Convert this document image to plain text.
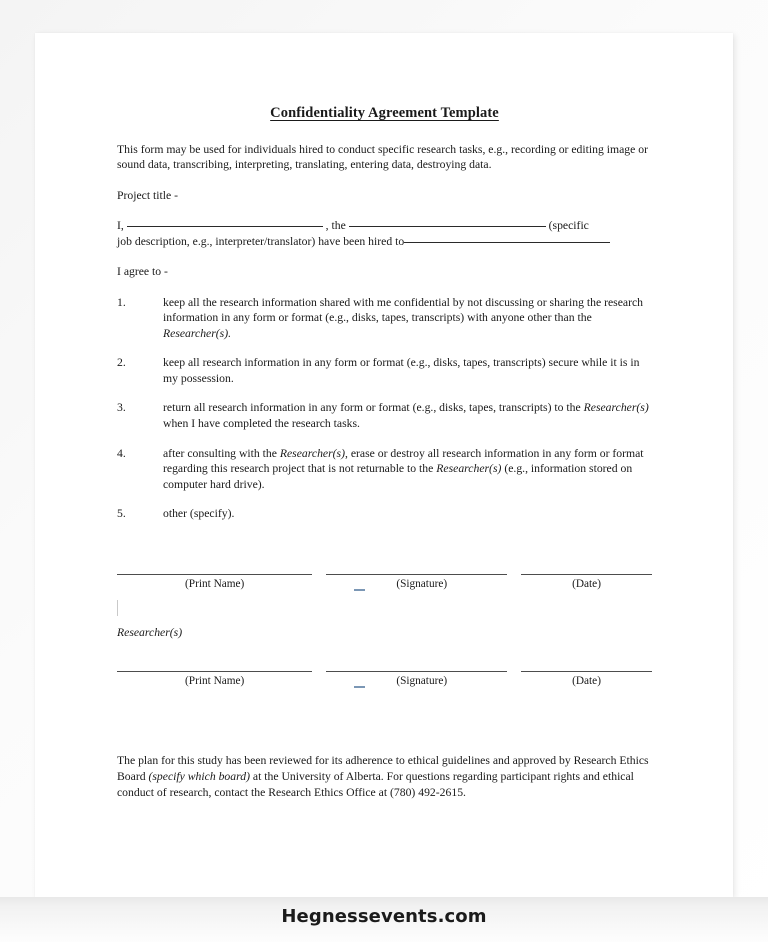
Confidentiality Agreement Template

This form may be used for individuals hired to conduct specific research tasks, e.g., recording or editing image or sound data, transcribing, interpreting, translating, entering data, destroying data.

Project title -

I,	, the	(specific
job description, e.g., interpreter/translator) have been hired to

I agree to -

1.	keep all the research information shared with me confidential by not discussing or sharing the research information in any form or format (e.g., disks, tapes, transcripts) with anyone other than the Researcher(s).
2.	keep all research information in any form or format (e.g., disks, tapes, transcripts) secure while it is in my possession.
3.	return all research information in any form or format (e.g., disks, tapes, transcripts) to the Researcher(s) when I have completed the research tasks.
4.	after consulting with the Researcher(s), erase or destroy all research information in any form or format regarding this research project that is not returnable to the Researcher(s) (e.g., information stored on computer hard drive).
5.	other (specify).
(Print Name)	(Signature)	(Date)

Researcher(s)

(Print Name)	(Signature)	(Date)

The plan for this study has been reviewed for its adherence to ethical guidelines and approved by Research Ethics Board (specify which board) at the University of Alberta. For questions regarding participant rights and ethical conduct of research, contact the Research Ethics Office at (780) 492-2615.

Hegnessevents.com
